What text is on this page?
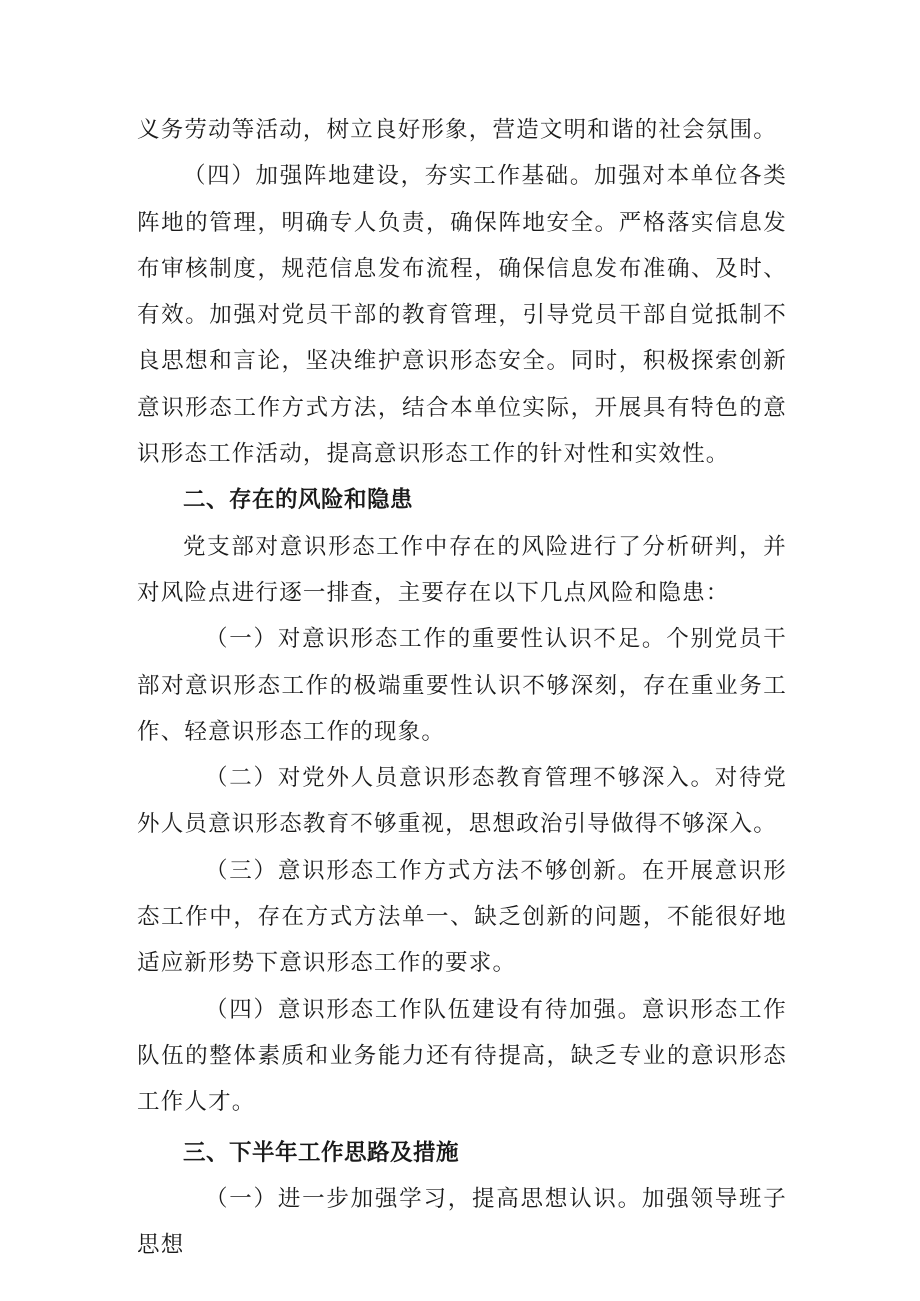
义务劳动等活动，树立良好形象，营造文明和谐的社会氛围。

（四）加强阵地建设，夯实工作基础。加强对本单位各类阵地的管理，明确专人负责，确保阵地安全。严格落实信息发布审核制度，规范信息发布流程，确保信息发布准确、及时、有效。加强对党员干部的教育管理，引导党员干部自觉抵制不良思想和言论，坚决维护意识形态安全。同时，积极探索创新意识形态工作方式方法，结合本单位实际，开展具有特色的意识形态工作活动，提高意识形态工作的针对性和实效性。

二、存在的风险和隐患

党支部对意识形态工作中存在的风险进行了分析研判，并对风险点进行逐一排查，主要存在以下几点风险和隐患：

（一）对意识形态工作的重要性认识不足。个别党员干部对意识形态工作的极端重要性认识不够深刻，存在重业务工作、轻意识形态工作的现象。

（二）对党外人员意识形态教育管理不够深入。对待党外人员意识形态教育不够重视，思想政治引导做得不够深入。

（三）意识形态工作方式方法不够创新。在开展意识形态工作中，存在方式方法单一、缺乏创新的问题，不能很好地适应新形势下意识形态工作的要求。

（四）意识形态工作队伍建设有待加强。意识形态工作队伍的整体素质和业务能力还有待提高，缺乏专业的意识形态工作人才。

三、下半年工作思路及措施

（一）进一步加强学习，提高思想认识。加强领导班子思想
